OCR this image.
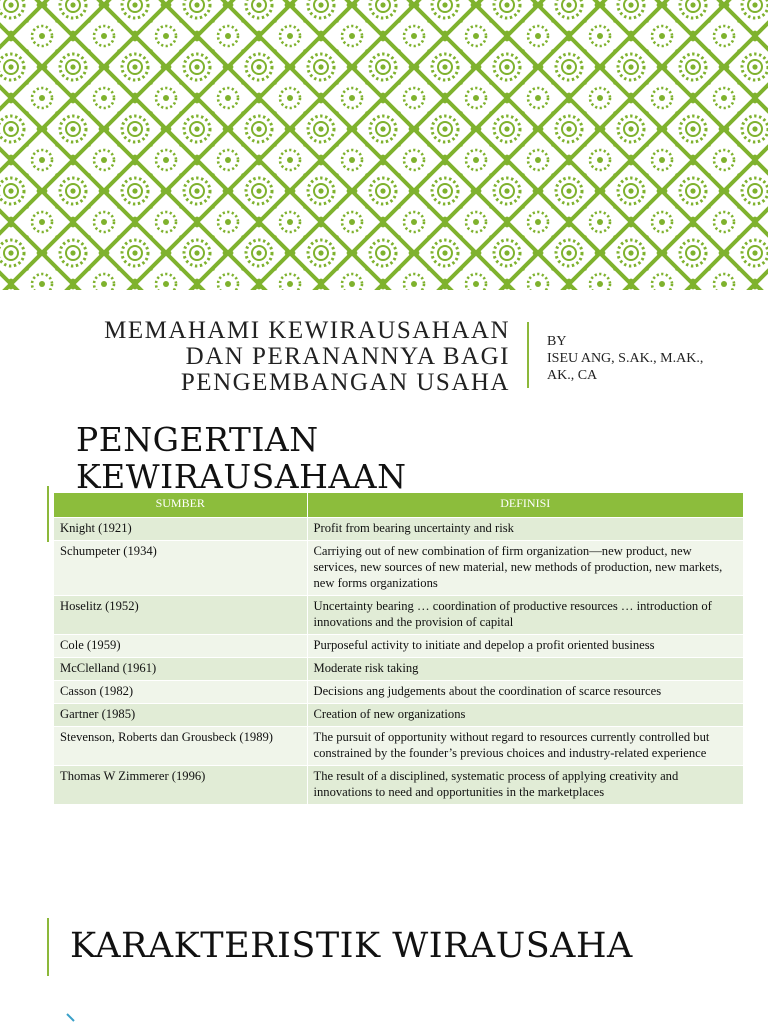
MEMAHAMI KEWIRAUSAHAAN
DAN PERANANNYA BAGI
PENGEMBANGAN USAHA
BY
ISEU ANG, S.AK., M.AK.,
AK., CA
PENGERTIAN
KEWIRAUSAHAAN
SUMBER	DEFINISI
Knight (1921)	Profit from bearing uncertainty and risk
Schumpeter (1934)	Carriying out of new combination of firm organization—new product, new services, new sources of new material, new methods of production, new markets, new forms organizations
Hoselitz (1952)	Uncertainty bearing … coordination of productive resources … introduction of innovations and the provision of capital
Cole (1959)	Purposeful activity to initiate and depelop a profit oriented business
McClelland (1961)	Moderate risk taking
Casson (1982)	Decisions ang judgements about the coordination of scarce resources
Gartner (1985)	Creation of new organizations
Stevenson, Roberts dan Grousbeck (1989)	The pursuit of opportunity without regard to resources currently controlled but constrained by the founder’s previous choices and industry-related experience
Thomas W Zimmerer (1996)	The result of a disciplined, systematic process of applying creativity and innovations to need and opportunities in the marketplaces
KARAKTERISTIK WIRAUSAHA
